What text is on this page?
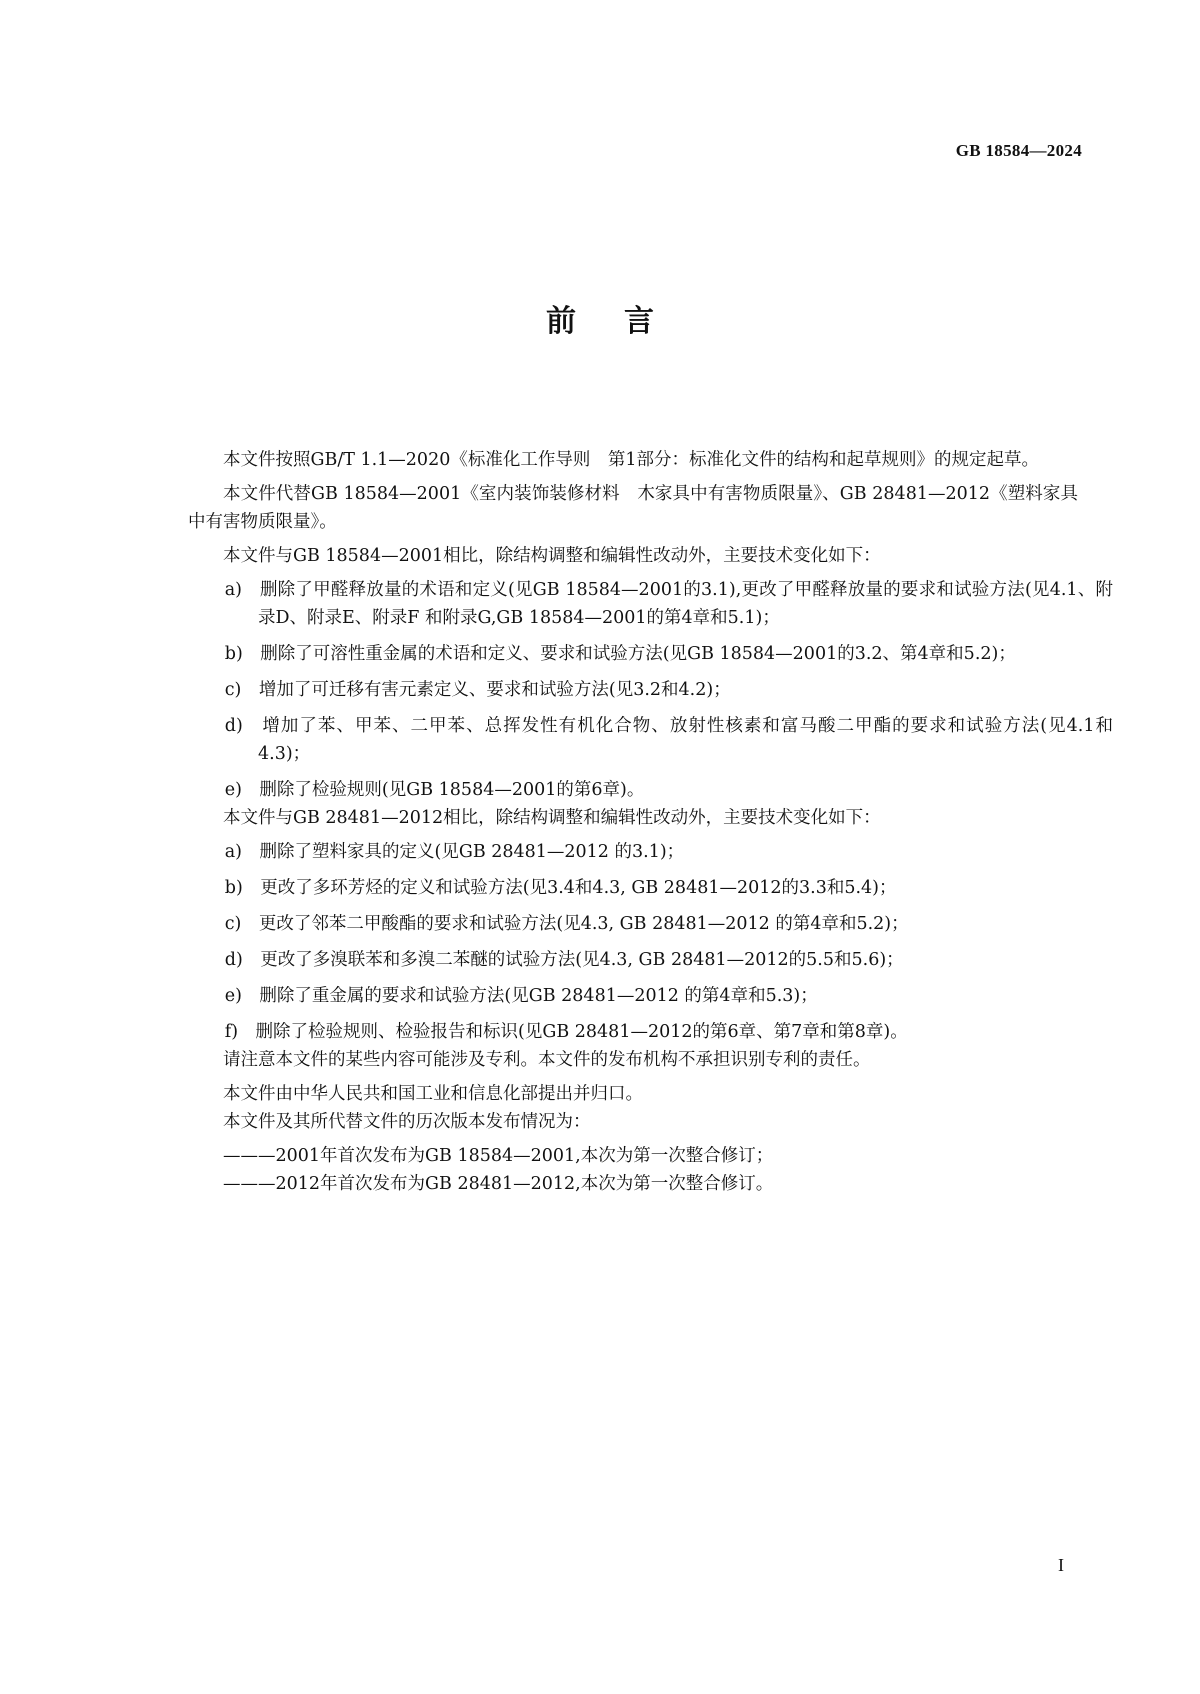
GB 18584—2024
前言

本文件按照GB/T 1.1—2020《标准化工作导则　第1部分：标准化文件的结构和起草规则》的规定起草。

本文件代替GB 18584—2001《室内装饰装修材料　木家具中有害物质限量》、GB 28481—2012《塑料家具中有害物质限量》。

本文件与GB 18584—2001相比，除结构调整和编辑性改动外，主要技术变化如下：

a)　删除了甲醛释放量的术语和定义(见GB 18584—2001的3.1),更改了甲醛释放量的要求和试验方法(见4.1、附录D、附录E、附录F 和附录G,GB 18584—2001的第4章和5.1)；

b)　删除了可溶性重金属的术语和定义、要求和试验方法(见GB 18584—2001的3.2、第4章和5.2)；

c)　增加了可迁移有害元素定义、要求和试验方法(见3.2和4.2)；

d)　增加了苯、甲苯、二甲苯、总挥发性有机化合物、放射性核素和富马酸二甲酯的要求和试验方法(见4.1和4.3)；

e)　删除了检验规则(见GB 18584—2001的第6章)。

本文件与GB 28481—2012相比，除结构调整和编辑性改动外，主要技术变化如下：

a)　删除了塑料家具的定义(见GB 28481—2012 的3.1)；

b)　更改了多环芳烃的定义和试验方法(见3.4和4.3, GB 28481—2012的3.3和5.4)；

c)　更改了邻苯二甲酸酯的要求和试验方法(见4.3, GB 28481—2012 的第4章和5.2)；

d)　更改了多溴联苯和多溴二苯醚的试验方法(见4.3, GB 28481—2012的5.5和5.6)；

e)　删除了重金属的要求和试验方法(见GB 28481—2012 的第4章和5.3)；

f)　删除了检验规则、检验报告和标识(见GB 28481—2012的第6章、第7章和第8章)。

请注意本文件的某些内容可能涉及专利。本文件的发布机构不承担识别专利的责任。

本文件由中华人民共和国工业和信息化部提出并归口。

本文件及其所代替文件的历次版本发布情况为：

———2001年首次发布为GB 18584—2001,本次为第一次整合修订；

———2012年首次发布为GB 28481—2012,本次为第一次整合修订。

I
